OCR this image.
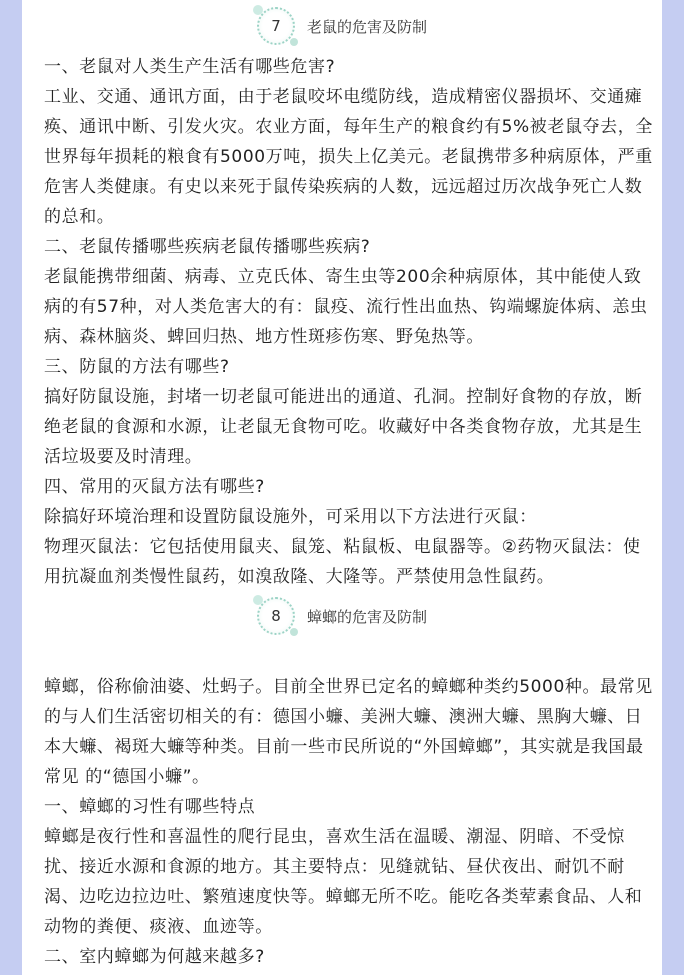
7 老鼠的危害及防制

一、老鼠对人类生产生活有哪些危害?

工业、交通、通讯方面，由于老鼠咬坏电缆防线，造成精密仪器损坏、交通瘫痪、通讯中断、引发火灾。农业方面，每年生产的粮食约有5%被老鼠夺去，全世界每年损耗的粮食有5000万吨，损失上亿美元。老鼠携带多种病原体，严重危害人类健康。有史以来死于鼠传染疾病的人数，远远超过历次战争死亡人数的总和。

二、老鼠传播哪些疾病老鼠传播哪些疾病?

老鼠能携带细菌、病毒、立克氏体、寄生虫等200余种病原体，其中能使人致病的有57种，对人类危害大的有：鼠疫、流行性出血热、钩端螺旋体病、恙虫病、森林脑炎、蜱回归热、地方性斑疹伤寒、野兔热等。

三、防鼠的方法有哪些?

搞好防鼠设施，封堵一切老鼠可能进出的通道、孔洞。控制好食物的存放，断绝老鼠的食源和水源，让老鼠无食物可吃。收藏好中各类食物存放，尤其是生活垃圾要及时清理。

四、常用的灭鼠方法有哪些?

除搞好环境治理和设置防鼠设施外，可采用以下方法进行灭鼠：

物理灭鼠法：它包括使用鼠夹、鼠笼、粘鼠板、电鼠器等。②药物灭鼠法：使用抗凝血剂类慢性鼠药，如溴敌隆、大隆等。严禁使用急性鼠药。

8 蟑螂的危害及防制

蟑螂，俗称偷油婆、灶蚂子。目前全世界已定名的蟑螂种类约5000种。最常见的与人们生活密切相关的有：德国小蠊、美洲大蠊、澳洲大蠊、黑胸大蠊、日本大蠊、褐斑大蠊等种类。目前一些市民所说的“外国蟑螂”，其实就是我国最常见 的“德国小蠊”。

一、蟑螂的习性有哪些特点

蟑螂是夜行性和喜温性的爬行昆虫，喜欢生活在温暖、潮湿、阴暗、不受惊扰、接近水源和食源的地方。其主要特点：见缝就钻、昼伏夜出、耐饥不耐渴、边吃边拉边吐、繁殖速度快等。蟑螂无所不吃。能吃各类荤素食品、人和动物的粪便、痰液、血迹等。

二、室内蟑螂为何越来越多?
